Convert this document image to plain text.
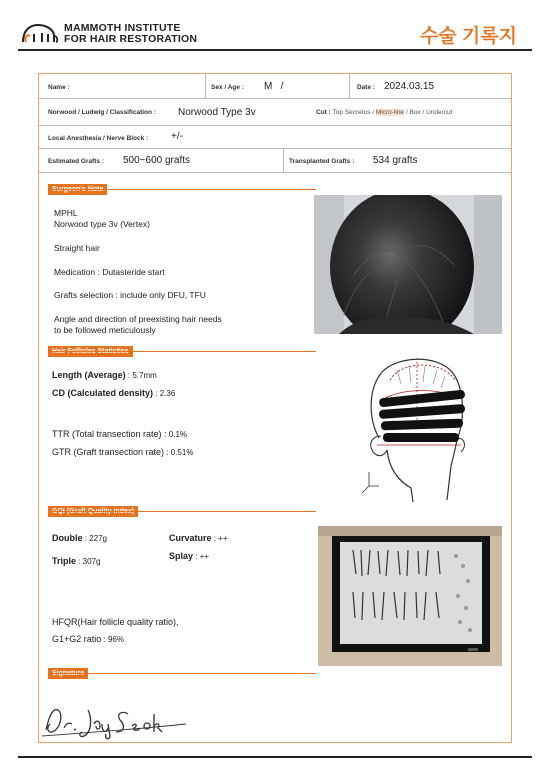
MAMMOTH INSTITUTE
FOR HAIR RESTORATION	수술 기록지
Name :	Sex / Age : M   /	Date : 2024.03.15
Norwood / Ludwig / Classification : Norwood Type 3v	Cut : Top Secretus / Micro-line / Box / Undercut
Local Anesthesia / Nerve Block : +/-
Estimated Grafts : 500~600 grafts	Transplanted Grafts : 534 grafts
MPHL
Norwood type 3v (Vertex)
Straight hair
Medication : Dutasteride start
Grafts selection : include only DFU, TFU
Angle and direction of preexisting hair needs
to be followed meticulously
Length (Average) : 5.7mm
CD (Calculated density) : 2.36
TTR (Total transection rate) : 0.1%
GTR (Graft transection rate) : 0.51%
Double : 227g
Triple : 307g
Curvature : ++
Splay : ++
HFQR(Hair follicle quality ratio),
G1+G2 ratio : 96%
